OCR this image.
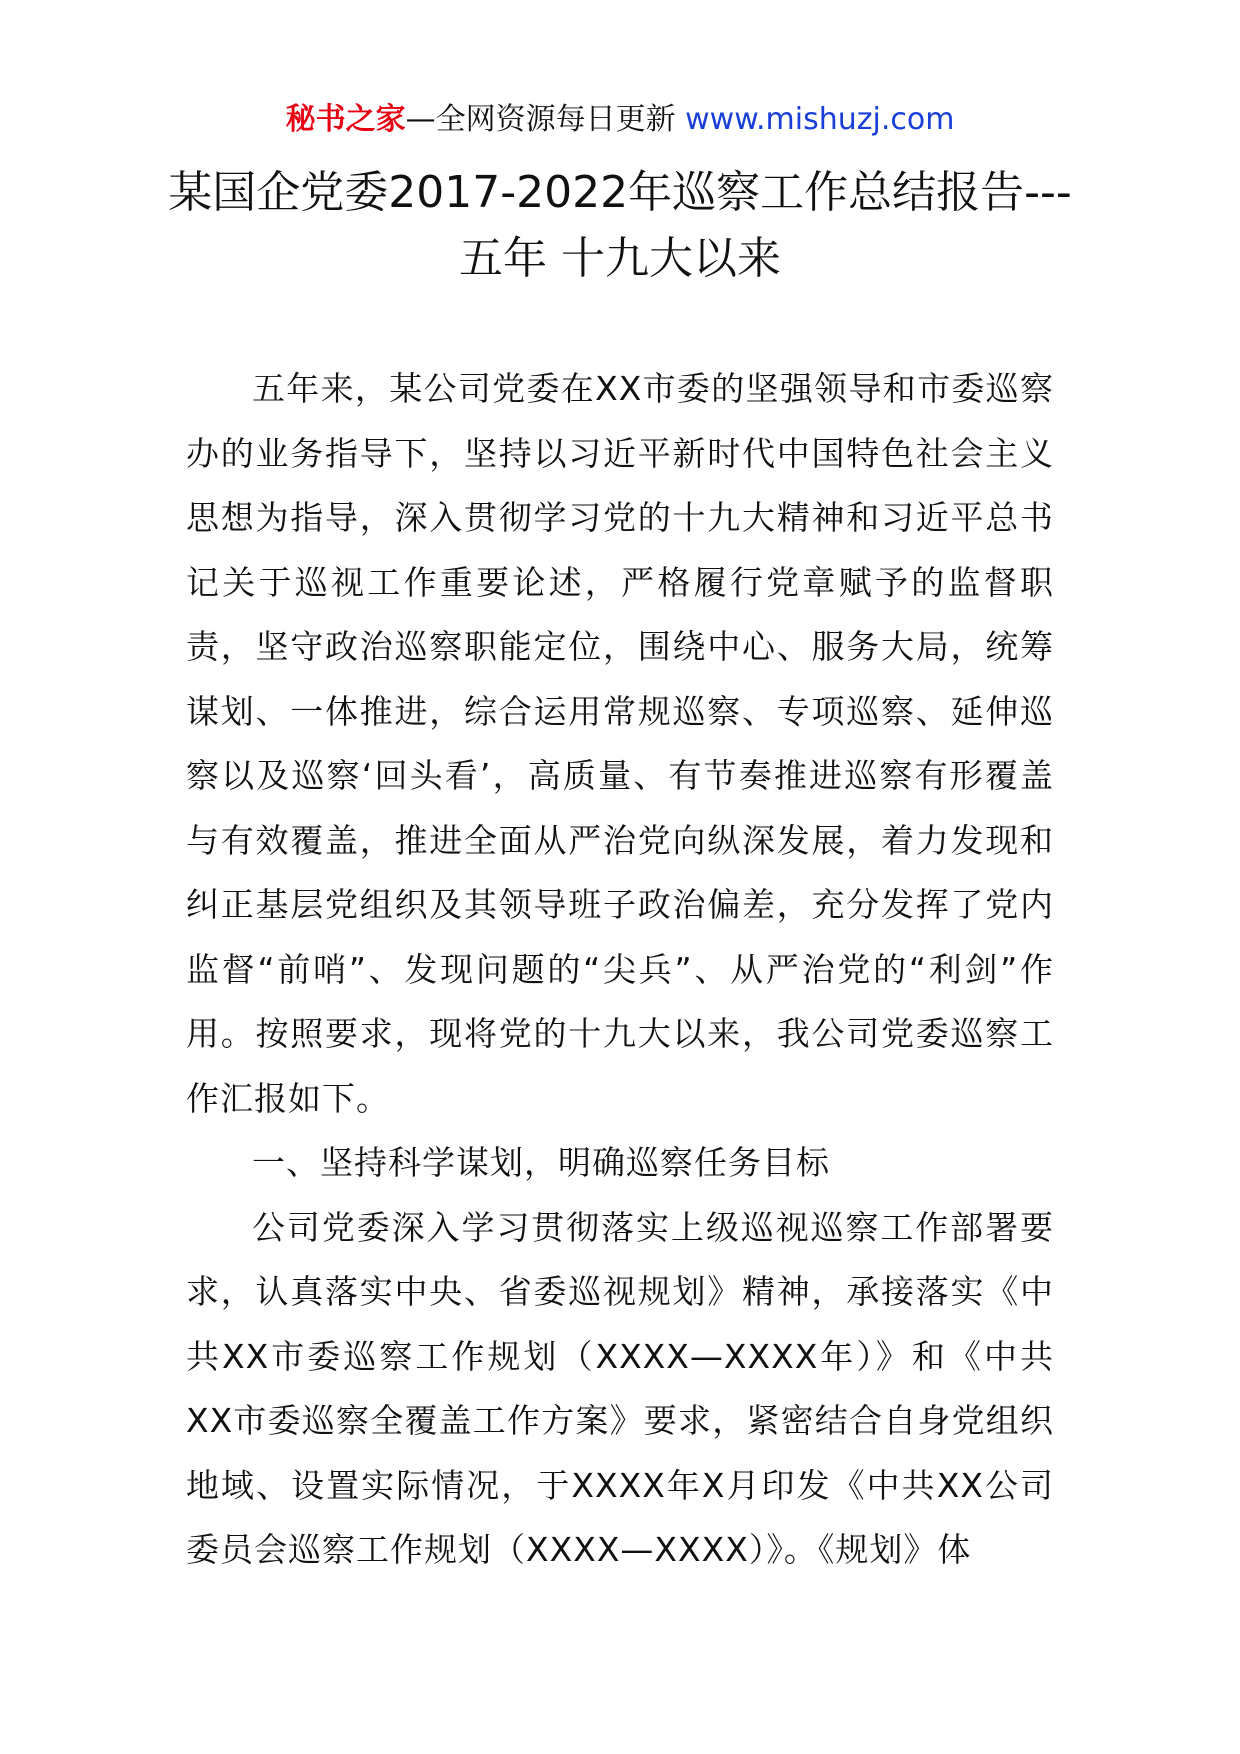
秘书之家—全网资源每日更新 www.mishuzj.com
某国企党委2017-2022年巡察工作总结报告---五年 十九大以来

五年来，某公司党委在XX市委的坚强领导和市委巡察办的业务指导下，坚持以习近平新时代中国特色社会主义思想为指导，深入贯彻学习党的十九大精神和习近平总书记关于巡视工作重要论述，严格履行党章赋予的监督职责，坚守政治巡察职能定位，围绕中心、服务大局，统筹谋划、一体推进，综合运用常规巡察、专项巡察、延伸巡察以及巡察‘回头看’，高质量、有节奏推进巡察有形覆盖与有效覆盖，推进全面从严治党向纵深发展，着力发现和纠正基层党组织及其领导班子政治偏差，充分发挥了党内监督“前哨”、发现问题的“尖兵”、从严治党的“利剑”作用。按照要求，现将党的十九大以来，我公司党委巡察工作汇报如下。

一、坚持科学谋划，明确巡察任务目标

公司党委深入学习贯彻落实上级巡视巡察工作部署要求，认真落实中央、省委巡视规划》精神，承接落实《中共XX市委巡察工作规划（XXXX—XXXX年）》和《中共XX市委巡察全覆盖工作方案》要求，紧密结合自身党组织地域、设置实际情况，于XXXX年X月印发《中共XX公司委员会巡察工作规划（XXXX—XXXX）》。《规划》体
